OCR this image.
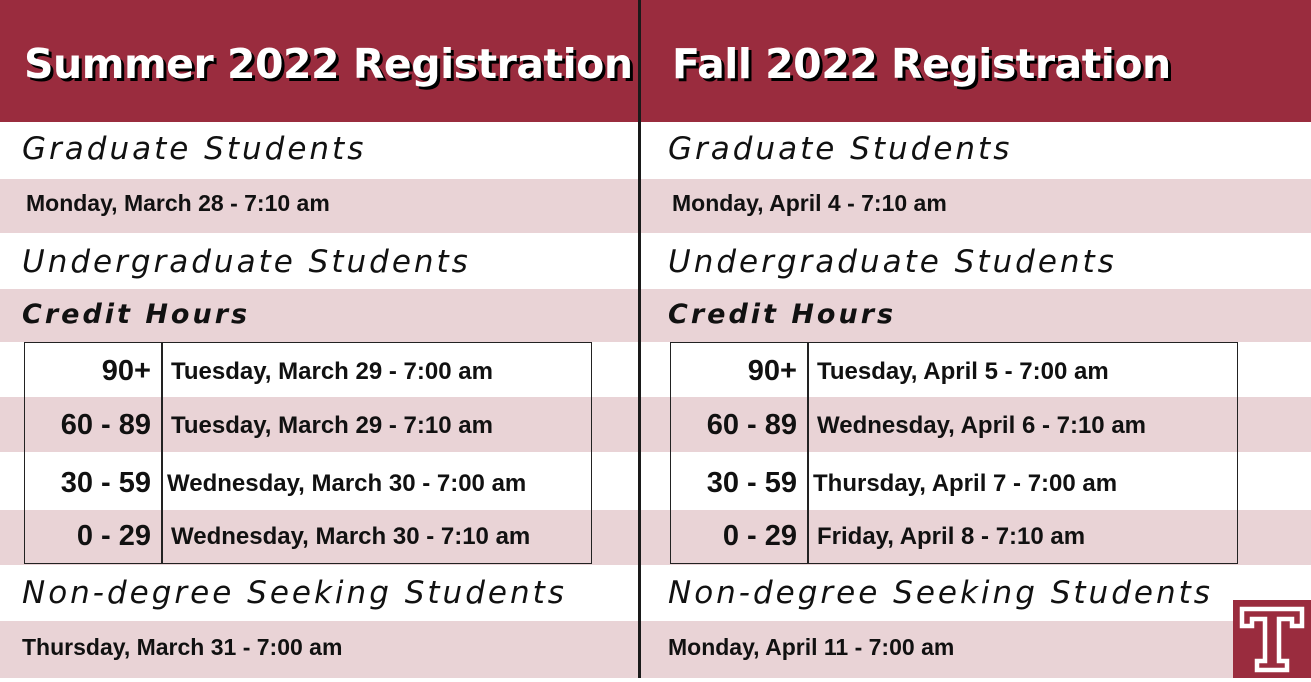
Summer 2022 Registration
Graduate Students
Monday, March 28 - 7:10 am
Undergraduate Students
Credit Hours
90+ Tuesday, March 29 - 7:00 am
60 - 89 Tuesday, March 29 - 7:10 am
30 - 59 Wednesday, March 30 - 7:00 am
0 - 29 Wednesday, March 30 - 7:10 am
Non-degree Seeking Students
Thursday, March 31 - 7:00 am
Fall 2022 Registration
Graduate Students
Monday, April 4 - 7:10 am
Undergraduate Students
Credit Hours
90+ Tuesday, April 5 - 7:00 am
60 - 89 Wednesday, April 6 - 7:10 am
30 - 59 Thursday, April 7 - 7:00 am
0 - 29 Friday, April 8 - 7:10 am
Non-degree Seeking Students
Monday, April 11 - 7:00 am
